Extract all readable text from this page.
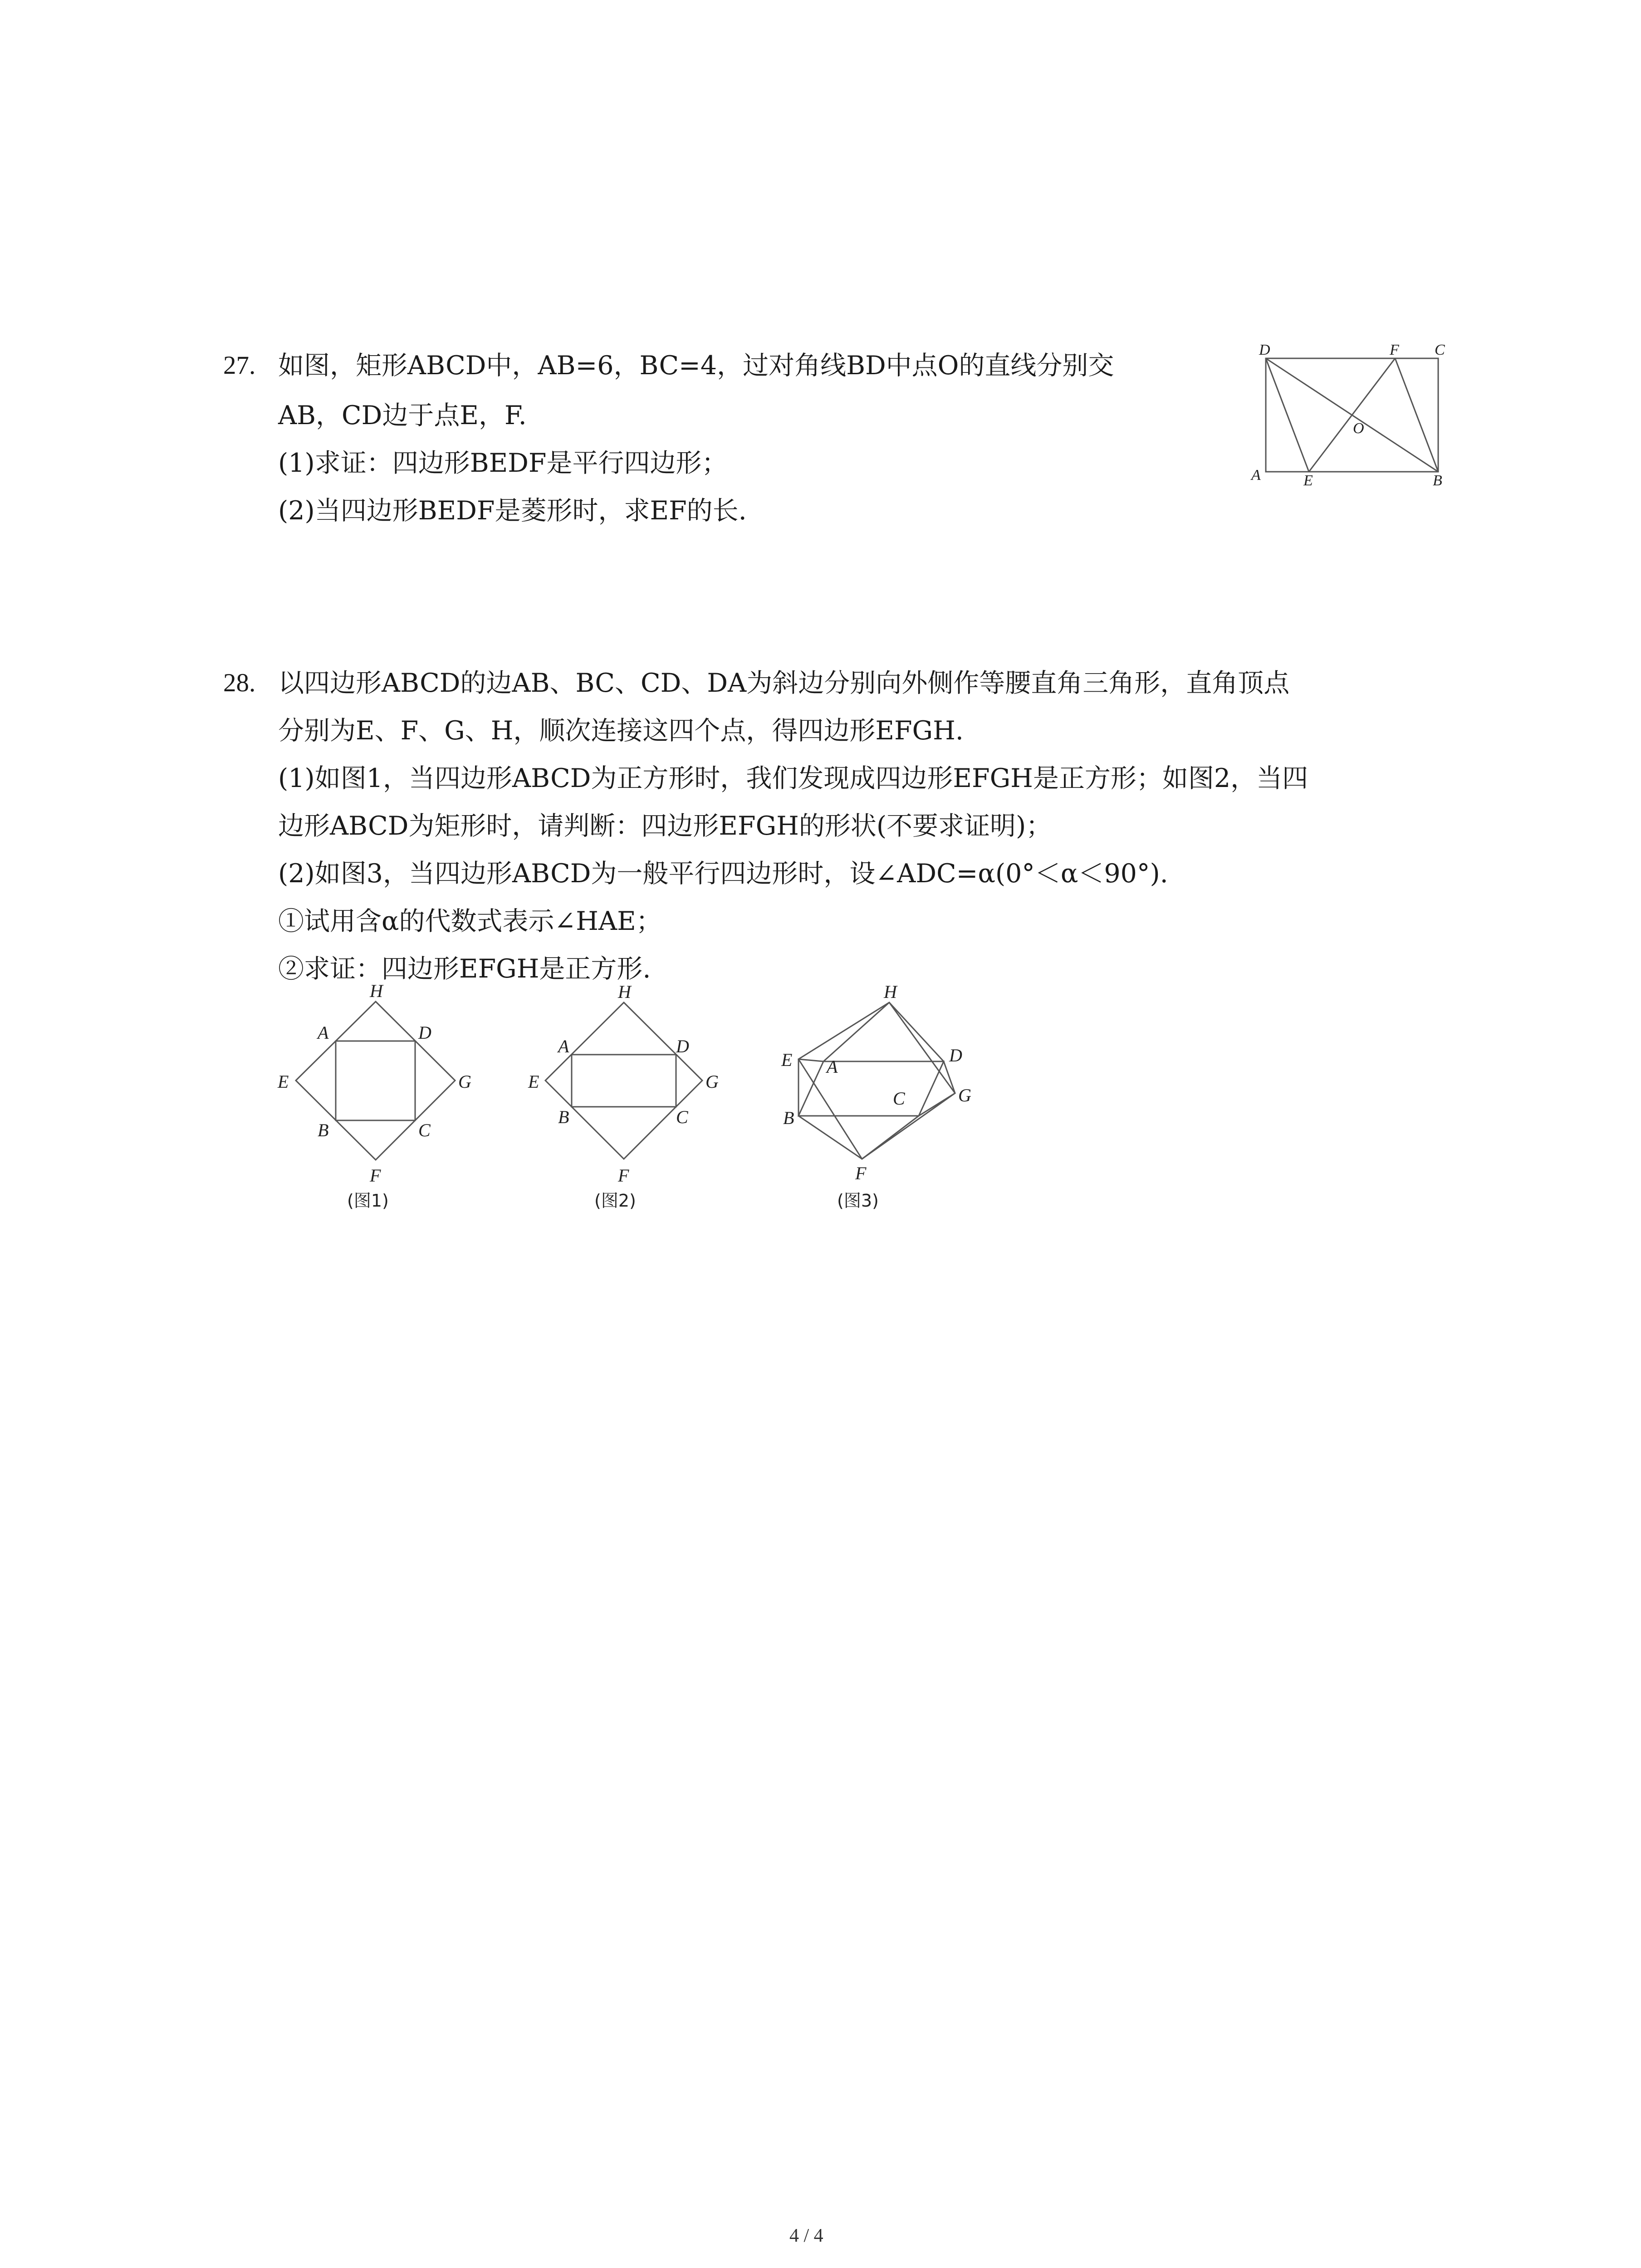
27. 如图，矩形ABCD中，AB=6，BC=4，过对角线BD中点O的直线分别交
AB，CD边于点E，F.
(1)求证：四边形BEDF是平行四边形；
(2)当四边形BEDF是菱形时，求EF的长.
D	F C
O
A	E	B
28. 以四边形ABCD的边AB、BC、CD、DA为斜边分别向外侧作等腰直角三角形，直角顶点
分别为E、F、G、H，顺次连接这四个点，得四边形EFGH.
(1)如图1，当四边形ABCD为正方形时，我们发现成四边形EFGH是正方形；如图2，当四
边形ABCD为矩形时，请判断：四边形EFGH的形状(不要求证明)；
(2)如图3，当四边形ABCD为一般平行四边形时，设∠ADC=α(0°＜α＜90°).
①试用含α的代数式表示∠HAE；
②求证：四边形EFGH是正方形.
H
A	D
E	G
B	C
F
(图1)
H
A	D
E	G
B	C
F
(图2)
H
E A
D
C	G
B
F
(图3)
4 / 4
